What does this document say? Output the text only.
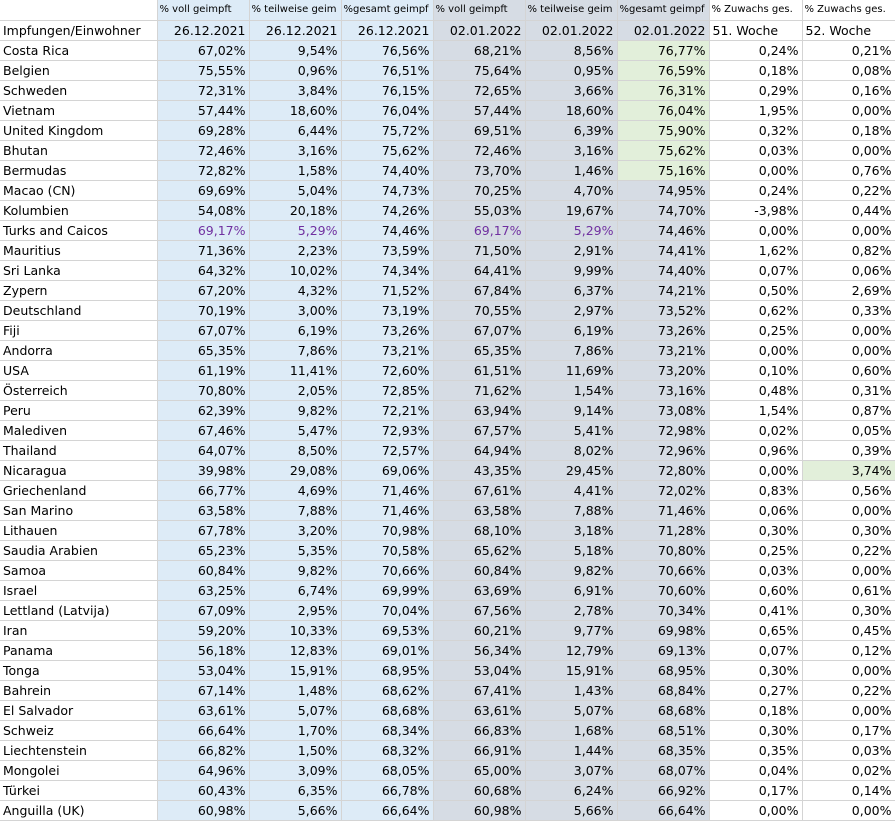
	% voll geimpft	% teilweise geim	%gesamt geimpf	% voll geimpft	% teilweise geim	%gesamt geimpf	% Zuwachs ges.	% Zuwachs ges.
Impfungen/Einwohner	26.12.2021	26.12.2021	26.12.2021	02.01.2022	02.01.2022	02.01.2022	51. Woche	52. Woche
Costa Rica	67,02%	9,54%	76,56%	68,21%	8,56%	76,77%	0,24%	0,21%
Belgien	75,55%	0,96%	76,51%	75,64%	0,95%	76,59%	0,18%	0,08%
Schweden	72,31%	3,84%	76,15%	72,65%	3,66%	76,31%	0,29%	0,16%
Vietnam	57,44%	18,60%	76,04%	57,44%	18,60%	76,04%	1,95%	0,00%
United Kingdom	69,28%	6,44%	75,72%	69,51%	6,39%	75,90%	0,32%	0,18%
Bhutan	72,46%	3,16%	75,62%	72,46%	3,16%	75,62%	0,03%	0,00%
Bermudas	72,82%	1,58%	74,40%	73,70%	1,46%	75,16%	0,00%	0,76%
Macao (CN)	69,69%	5,04%	74,73%	70,25%	4,70%	74,95%	0,24%	0,22%
Kolumbien	54,08%	20,18%	74,26%	55,03%	19,67%	74,70%	-3,98%	0,44%
Turks and Caicos	69,17%	5,29%	74,46%	69,17%	5,29%	74,46%	0,00%	0,00%
Mauritius	71,36%	2,23%	73,59%	71,50%	2,91%	74,41%	1,62%	0,82%
Sri Lanka	64,32%	10,02%	74,34%	64,41%	9,99%	74,40%	0,07%	0,06%
Zypern	67,20%	4,32%	71,52%	67,84%	6,37%	74,21%	0,50%	2,69%
Deutschland	70,19%	3,00%	73,19%	70,55%	2,97%	73,52%	0,62%	0,33%
Fiji	67,07%	6,19%	73,26%	67,07%	6,19%	73,26%	0,25%	0,00%
Andorra	65,35%	7,86%	73,21%	65,35%	7,86%	73,21%	0,00%	0,00%
USA	61,19%	11,41%	72,60%	61,51%	11,69%	73,20%	0,10%	0,60%
Österreich	70,80%	2,05%	72,85%	71,62%	1,54%	73,16%	0,48%	0,31%
Peru	62,39%	9,82%	72,21%	63,94%	9,14%	73,08%	1,54%	0,87%
Malediven	67,46%	5,47%	72,93%	67,57%	5,41%	72,98%	0,02%	0,05%
Thailand	64,07%	8,50%	72,57%	64,94%	8,02%	72,96%	0,96%	0,39%
Nicaragua	39,98%	29,08%	69,06%	43,35%	29,45%	72,80%	0,00%	3,74%
Griechenland	66,77%	4,69%	71,46%	67,61%	4,41%	72,02%	0,83%	0,56%
San Marino	63,58%	7,88%	71,46%	63,58%	7,88%	71,46%	0,06%	0,00%
Lithauen	67,78%	3,20%	70,98%	68,10%	3,18%	71,28%	0,30%	0,30%
Saudia Arabien	65,23%	5,35%	70,58%	65,62%	5,18%	70,80%	0,25%	0,22%
Samoa	60,84%	9,82%	70,66%	60,84%	9,82%	70,66%	0,03%	0,00%
Israel	63,25%	6,74%	69,99%	63,69%	6,91%	70,60%	0,60%	0,61%
Lettland (Latvija)	67,09%	2,95%	70,04%	67,56%	2,78%	70,34%	0,41%	0,30%
Iran	59,20%	10,33%	69,53%	60,21%	9,77%	69,98%	0,65%	0,45%
Panama	56,18%	12,83%	69,01%	56,34%	12,79%	69,13%	0,07%	0,12%
Tonga	53,04%	15,91%	68,95%	53,04%	15,91%	68,95%	0,30%	0,00%
Bahrein	67,14%	1,48%	68,62%	67,41%	1,43%	68,84%	0,27%	0,22%
El Salvador	63,61%	5,07%	68,68%	63,61%	5,07%	68,68%	0,18%	0,00%
Schweiz	66,64%	1,70%	68,34%	66,83%	1,68%	68,51%	0,30%	0,17%
Liechtenstein	66,82%	1,50%	68,32%	66,91%	1,44%	68,35%	0,35%	0,03%
Mongolei	64,96%	3,09%	68,05%	65,00%	3,07%	68,07%	0,04%	0,02%
Türkei	60,43%	6,35%	66,78%	60,68%	6,24%	66,92%	0,17%	0,14%
Anguilla (UK)	60,98%	5,66%	66,64%	60,98%	5,66%	66,64%	0,00%	0,00%
